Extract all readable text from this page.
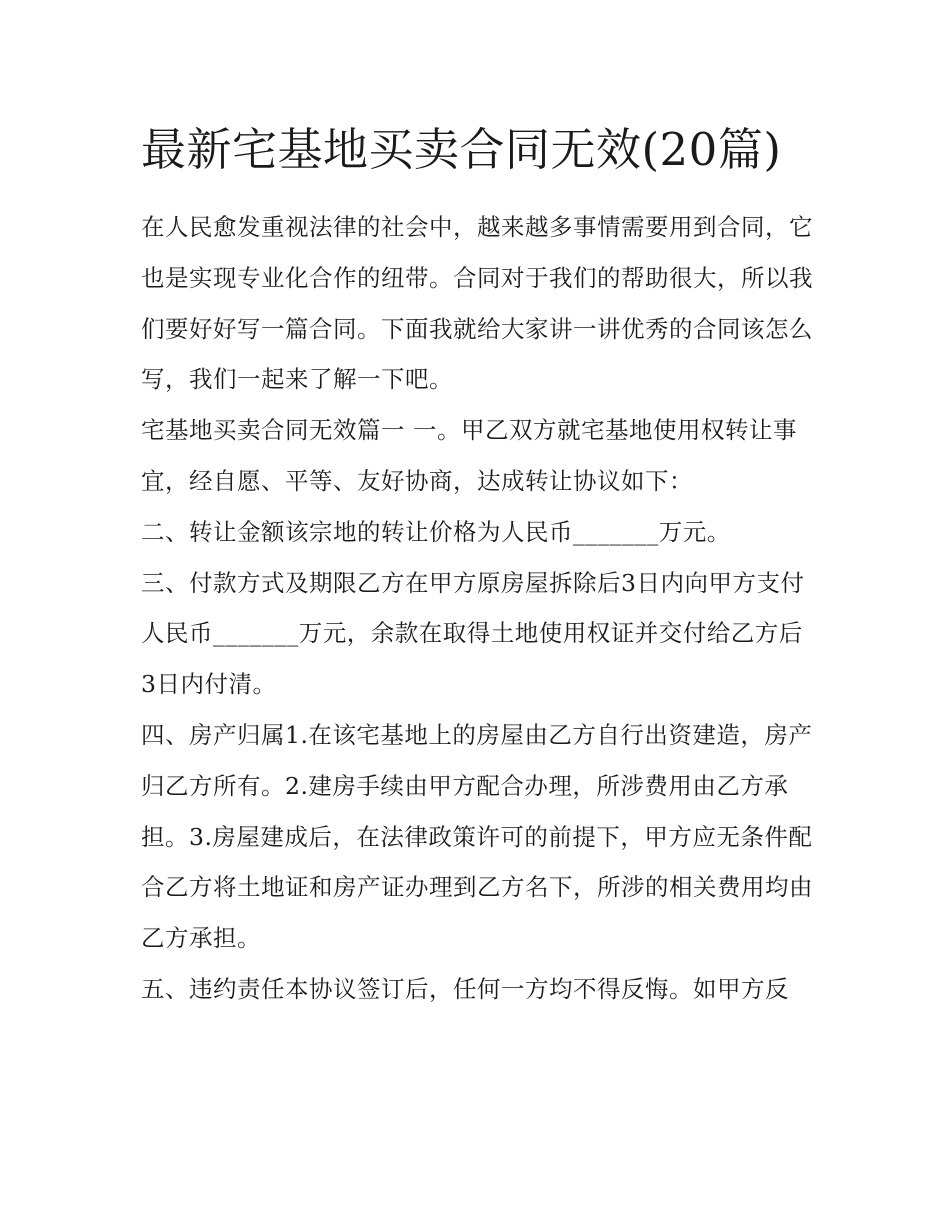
最新宅基地买卖合同无效(20篇)

在人民愈发重视法律的社会中，越来越多事情需要用到合同，它也是实现专业化合作的纽带。合同对于我们的帮助很大，所以我们要好好写一篇合同。下面我就给大家讲一讲优秀的合同该怎么写，我们一起来了解一下吧。

宅基地买卖合同无效篇一 一。甲乙双方就宅基地使用权转让事宜，经自愿、平等、友好协商，达成转让协议如下：

二、转让金额该宗地的转让价格为人民币_______万元。

三、付款方式及期限乙方在甲方原房屋拆除后3日内向甲方支付人民币_______万元，余款在取得土地使用权证并交付给乙方后3日内付清。

四、房产归属1.在该宅基地上的房屋由乙方自行出资建造，房产归乙方所有。2.建房手续由甲方配合办理，所涉费用由乙方承担。3.房屋建成后，在法律政策许可的前提下，甲方应无条件配合乙方将土地证和房产证办理到乙方名下，所涉的相关费用均由乙方承担。

五、违约责任本协议签订后，任何一方均不得反悔。如甲方反
